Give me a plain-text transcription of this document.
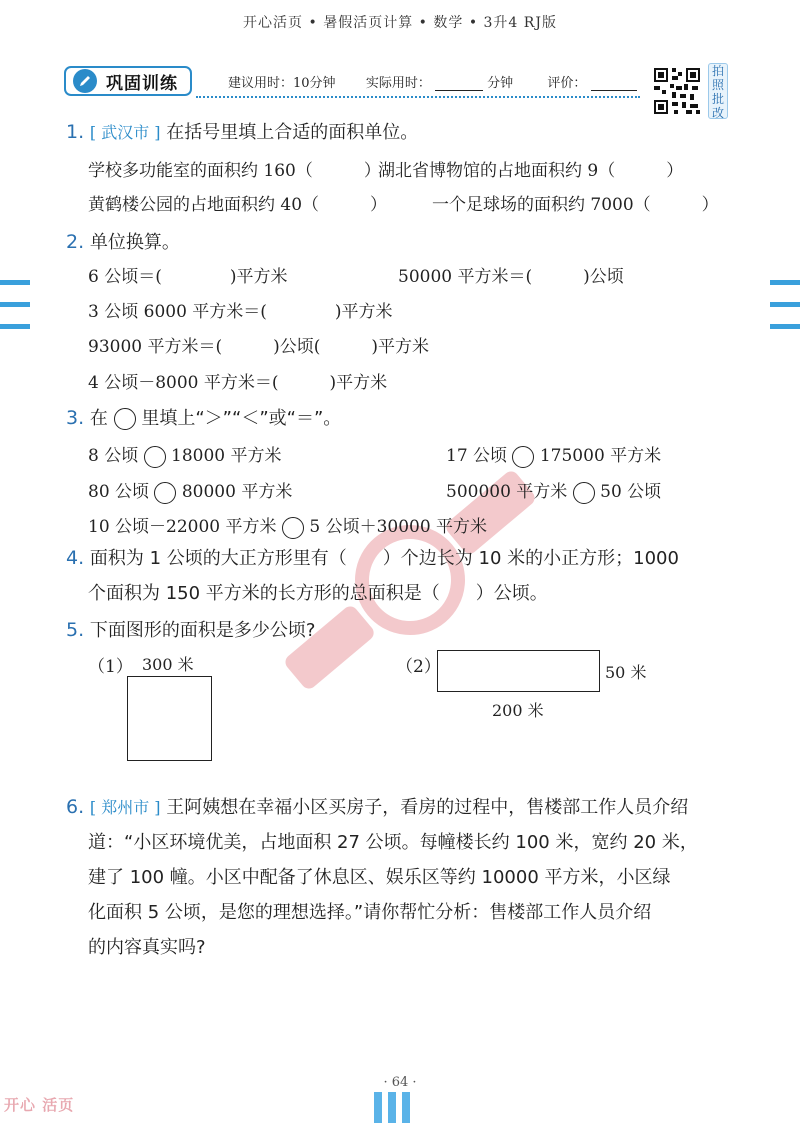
开心活页 • 暑假活页计算 • 数学 • 3升4 RJ版
巩固训练	建议用时：10分钟 实际用时：	分钟	评价：
拍
照
批
改
1. [ 武汉市 ] 在括号里填上合适的面积单位。
学校多功能室的面积约 160（　　　）
湖北省博物馆的占地面积约 9（　　　）
黄鹤楼公园的占地面积约 40（　　　）	一个足球场的面积约 7000（　　　）
2. 单位换算。
6 公顷＝(　　　　)平方米	50000 平方米＝(　　　)公顷
3 公顷 6000 平方米＝(　　　　)平方米
93000 平方米＝(　　　)公顷(　　　)平方米
4 公顷－8000 平方米＝(　　　)平方米
3. 在 里填上“＞”“＜”或“＝”。
8 公顷 18000 平方米	17 公顷 175000 平方米
80 公顷 80000 平方米	500000 平方米 50 公顷
10 公顷－22000 平方米 5 公顷＋30000 平方米
4. 面积为 1 公顷的大正方形里有（　　）个边长为 10 米的小正方形；1000
个面积为 150 平方米的长方形的总面积是（　　）公顷。
5. 下面图形的面积是多少公顷?
（1） 300 米	（2）	50 米
200 米
6. [ 郑州市 ] 王阿姨想在幸福小区买房子，看房的过程中，售楼部工作人员介绍
道：“小区环境优美，占地面积 27 公顷。每幢楼长约 100 米，宽约 20 米，
建了 100 幢。小区中配备了休息区、娱乐区等约 10000 平方米，小区绿
化面积 5 公顷，是您的理想选择。”请你帮忙分析：售楼部工作人员介绍
的内容真实吗?
· 64 ·
开心 活页
